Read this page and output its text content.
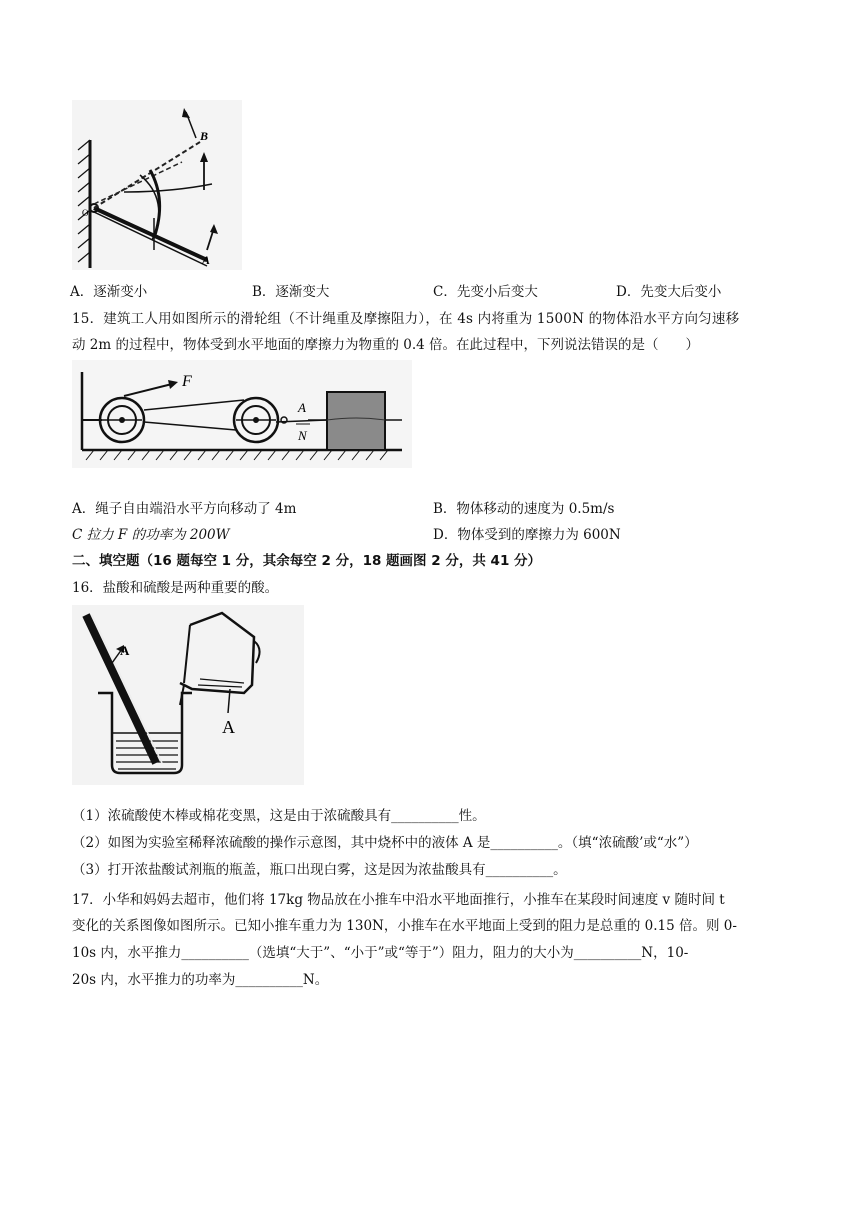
B
A
O
A．逐渐变小	B．逐渐变大	C．先变小后变大	D．先变大后变小
15．建筑工人用如图所示的滑轮组（不计绳重及摩擦阻力），在 4s 内将重为 1500N 的物体沿水平方向匀速移
动 2m 的过程中，物体受到水平地面的摩擦力为物重的 0.4 倍。在此过程中，下列说法错误的是（　　）
F
A
N
A．绳子自由端沿水平方向移动了 4m	B．物体移动的速度为 0.5m/s
C 拉力 F 的功率为 200W	D．物体受到的摩擦力为 600N
二、填空题（16 题每空 1 分，其余每空 2 分，18 题画图 2 分，共 41 分）
16．盐酸和硫酸是两种重要的酸。
A
A
（1）浓硫酸使木棒或棉花变黑，这是由于浓硫酸具有__________性。
（2）如图为实验室稀释浓硫酸的操作示意图，其中烧杯中的液体 A 是__________。（填“浓硫酸’或“水”）
（3）打开浓盐酸试剂瓶的瓶盖，瓶口出现白雾，这是因为浓盐酸具有__________。
17．小华和妈妈去超市，他们将 17kg 物品放在小推车中沿水平地面推行，小推车在某段时间速度 v 随时间 t
变化的关系图像如图所示。已知小推车重力为 130N，小推车在水平地面上受到的阻力是总重的 0.15 倍。则 0-
10s 内，水平推力__________（选填“大于”、“小于”或“等于”）阻力，阻力的大小为__________N，10-
20s 内，水平推力的功率为__________N。
